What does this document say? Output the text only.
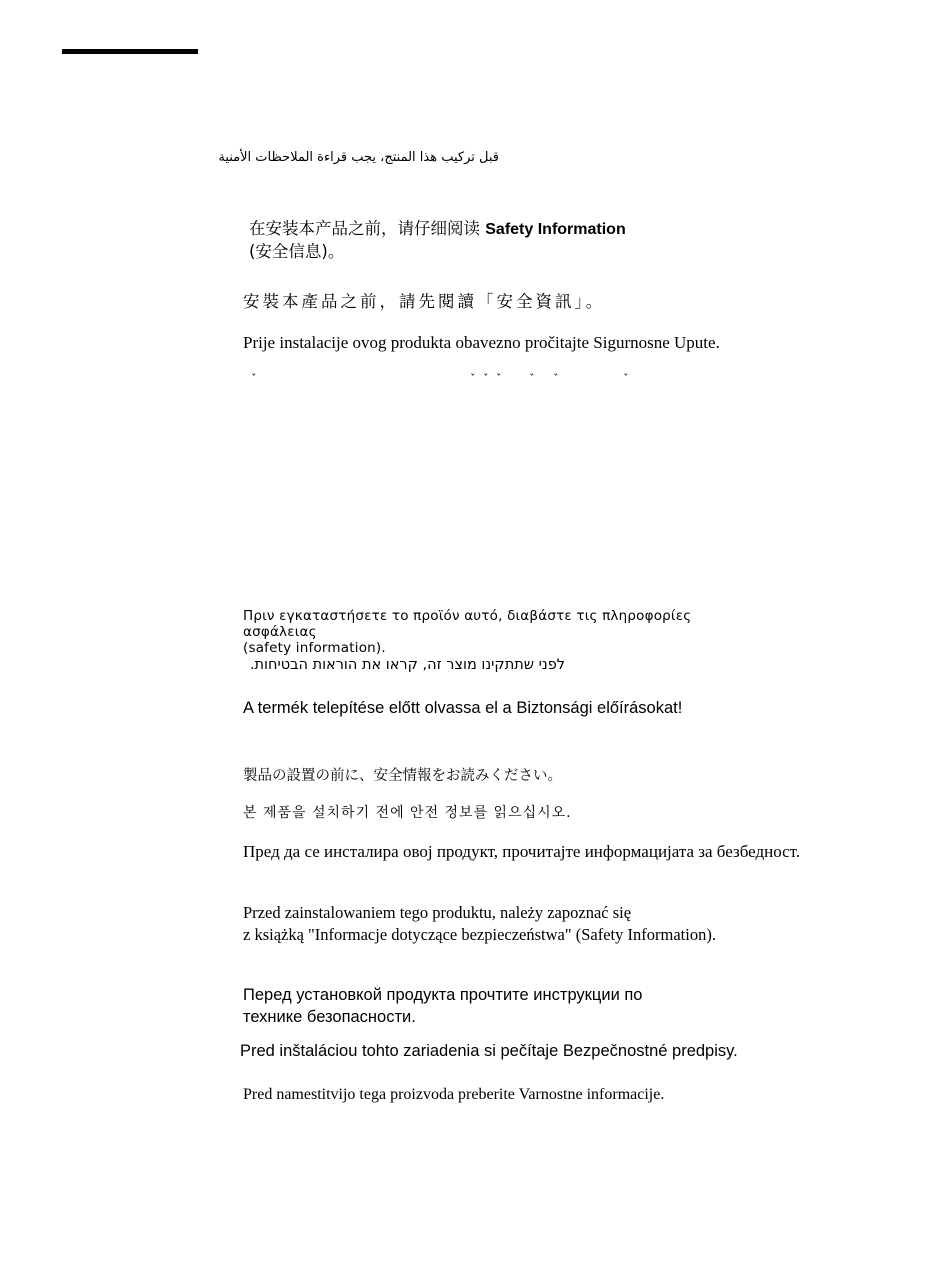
قبل تركيب هذا المنتج، يجب قراءة الملاحظات الأمنية

在安装本产品之前，请仔细阅读 Safety Information
(安全信息)。

安裝本產品之前，請先閱讀「安全資訊」。

Prije instalacije ovog produkta obavezno pročitajte Sigurnosne Upute.

ˇ	ˇ ˇ ˇ	ˇ ˇ	ˇ

Πριν εγκαταστήσετε το προϊόν αυτό, διαβάστε τις πληροφορίες ασφάλειας
(safety information).

לפני שתתקינו מוצר זה, קראו את הוראות הבטיחות.

A termék telepítése előtt olvassa el a Biztonsági előírásokat!

製品の設置の前に、安全情報をお読みください。

본 제품을 설치하기 전에 안전 정보를 읽으십시오.

Пред да се инсталира овој продукт, прочитајте информацијата за безбедност.

Przed zainstalowaniem tego produktu, należy zapoznać się
z książką "Informacje dotyczące bezpieczeństwa" (Safety Information).

Перед установкой продукта прочтите инструкции по
технике безопасности.

Pred inštaláciou tohto zariadenia si pečítaje Bezpečnostné predpisy.

Pred namestitvijo tega proizvoda preberite Varnostne informacije.
